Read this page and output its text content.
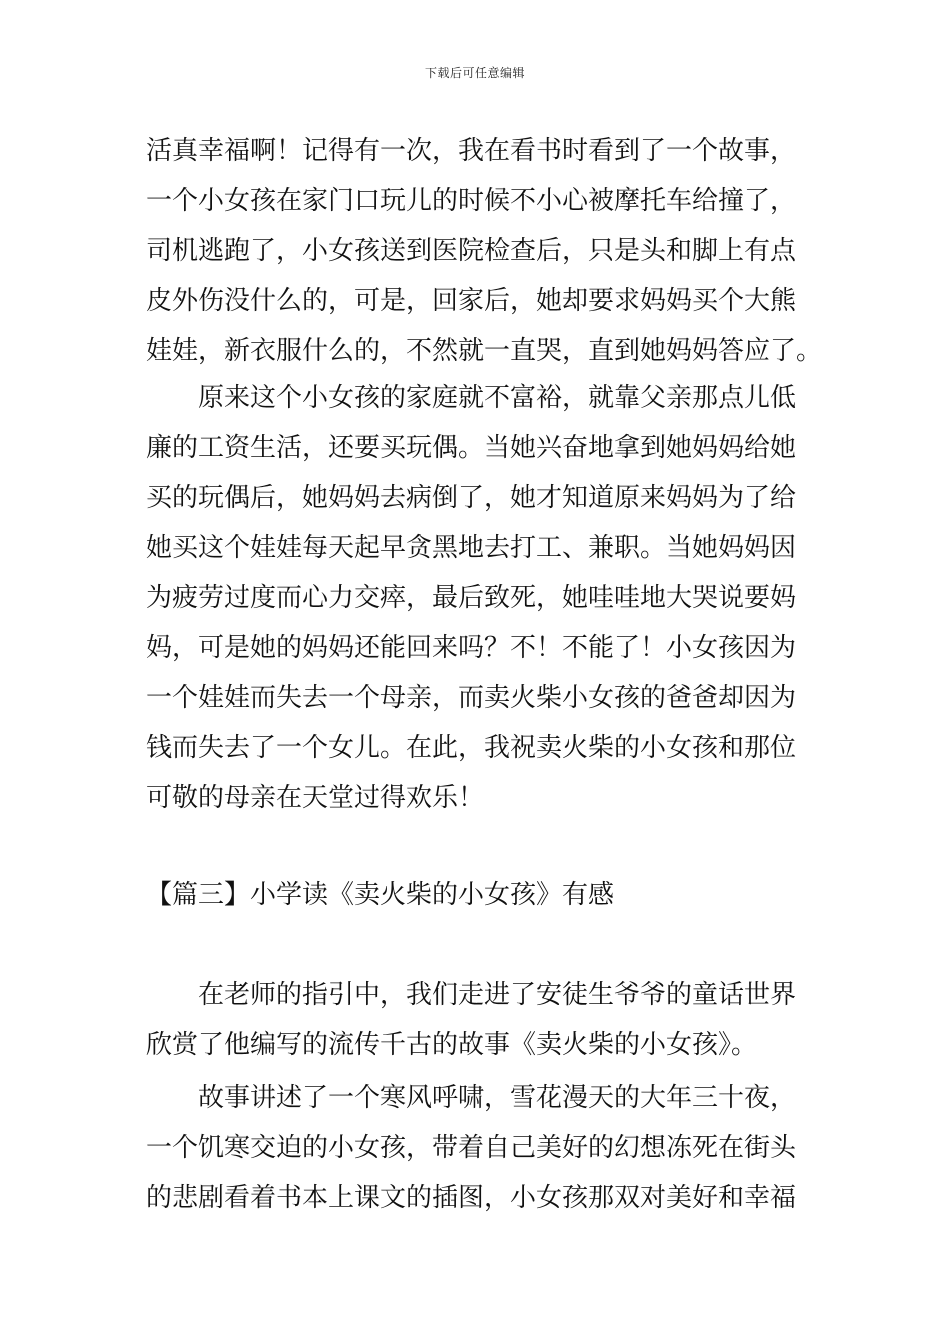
下载后可任意编辑
活真幸福啊！记得有一次，我在看书时看到了一个故事，
一个小女孩在家门口玩儿的时候不小心被摩托车给撞了，
司机逃跑了，小女孩送到医院检查后，只是头和脚上有点
皮外伤没什么的，可是，回家后，她却要求妈妈买个大熊
娃娃，新衣服什么的，不然就一直哭，直到她妈妈答应了。
原来这个小女孩的家庭就不富裕，就靠父亲那点儿低
廉的工资生活，还要买玩偶。当她兴奋地拿到她妈妈给她
买的玩偶后，她妈妈去病倒了，她才知道原来妈妈为了给
她买这个娃娃每天起早贪黑地去打工、兼职。当她妈妈因
为疲劳过度而心力交瘁，最后致死，她哇哇地大哭说要妈
妈，可是她的妈妈还能回来吗？不！不能了！小女孩因为
一个娃娃而失去一个母亲，而卖火柴小女孩的爸爸却因为
钱而失去了一个女儿。在此，我祝卖火柴的小女孩和那位
可敬的母亲在天堂过得欢乐！
【篇三】小学读《卖火柴的小女孩》有感
在老师的指引中，我们走进了安徒生爷爷的童话世界
欣赏了他编写的流传千古的故事《卖火柴的小女孩》。
故事讲述了一个寒风呼啸，雪花漫天的大年三十夜，
一个饥寒交迫的小女孩，带着自己美好的幻想冻死在街头
的悲剧看着书本上课文的插图，小女孩那双对美好和幸福
